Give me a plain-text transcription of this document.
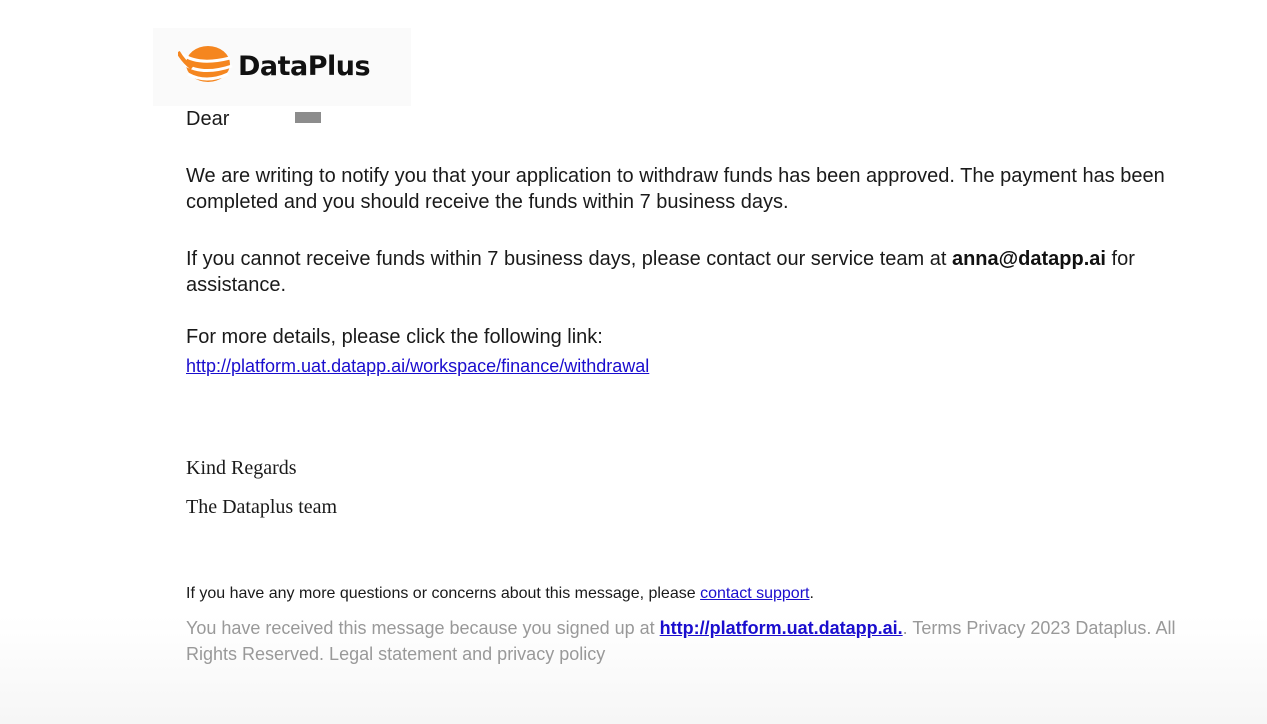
DataPlus
Dear
We are writing to notify you that your application to withdraw funds has been approved. The payment has been completed and you should receive the funds within 7 business days.
If you cannot receive funds within 7 business days, please contact our service team at anna@datapp.ai for assistance.
For more details, please click the following link:
http://platform.uat.datapp.ai/workspace/finance/withdrawal
Kind Regards
The Dataplus team
If you have any more questions or concerns about this message, please contact support.
You have received this message because you signed up at http://platform.uat.datapp.ai.. Terms Privacy 2023 Dataplus. All Rights Reserved. Legal statement and privacy policy
